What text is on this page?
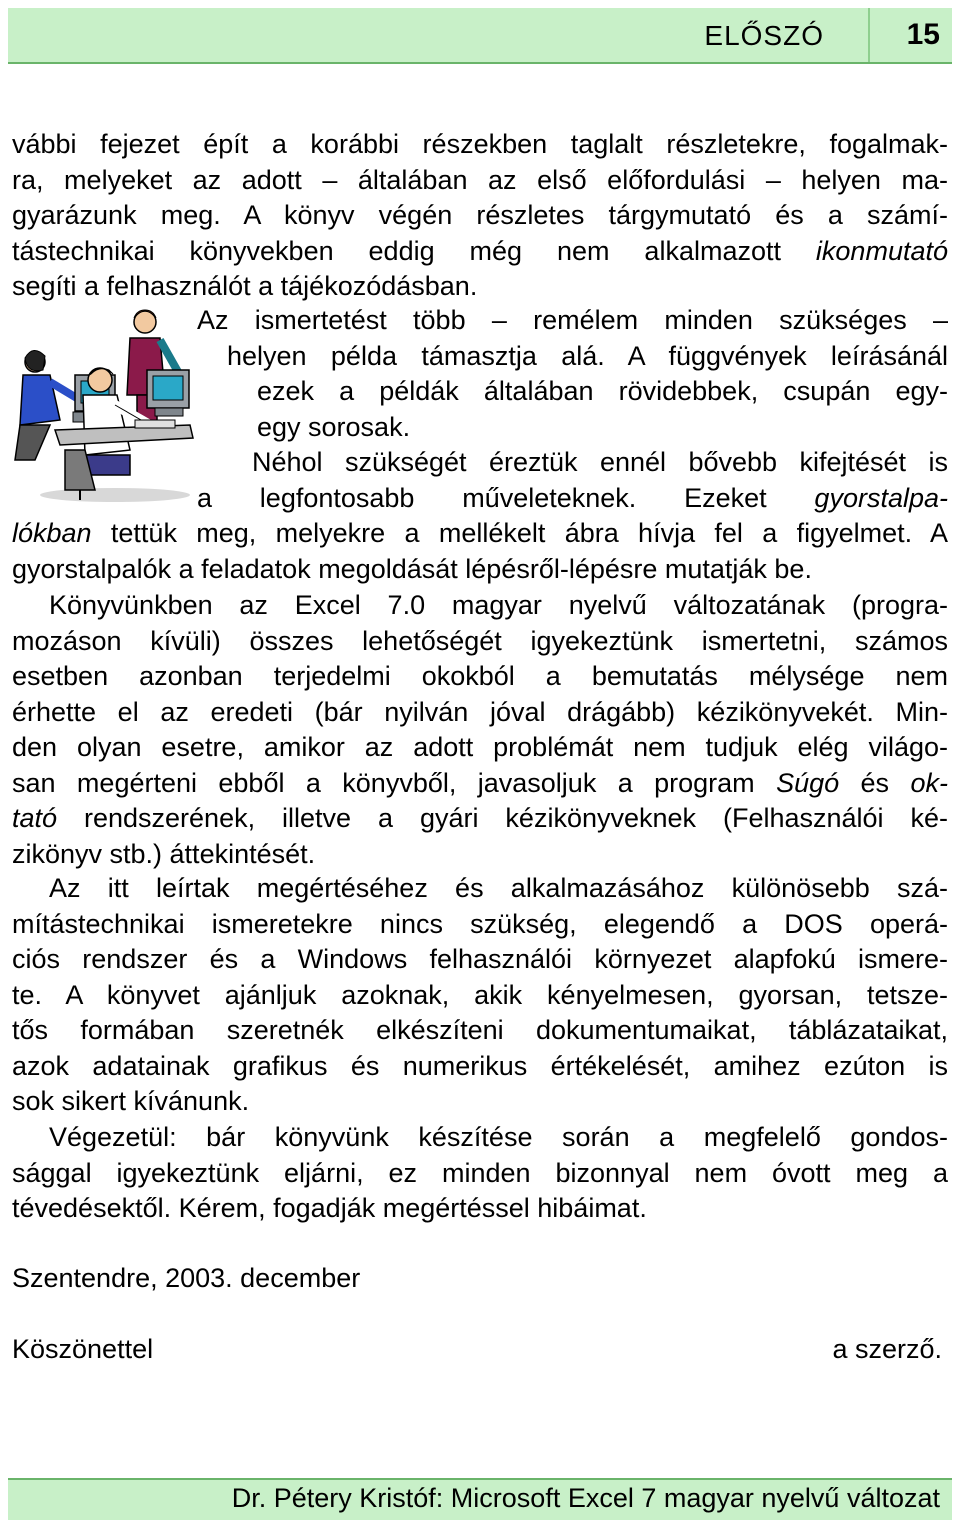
ELŐSZÓ	15
vábbi fejezet épít a korábbi részekben taglalt részletekre, fogalmak-
ra, melyeket az adott – általában az első előfordulási – helyen ma-
gyarázunk meg. A könyv végén részletes tárgymutató és a számí-
tástechnikai könyvekben eddig még nem alkalmazott ikonmutató
segíti a felhasználót a tájékozódásban.
Az ismertetést több – remélem minden szükséges –
helyen példa támasztja alá. A függvények leírásánál
ezek a példák általában rövidebbek, csupán egy-
egy sorosak.
Néhol szükségét éreztük ennél bővebb kifejtését is
a legfontosabb műveleteknek. Ezeket gyorstalpa-
lókban tettük meg, melyekre a mellékelt ábra hívja fel a figyelmet. A
gyorstalpalók a feladatok megoldását lépésről-lépésre mutatják be.
Könyvünkben az Excel 7.0 magyar nyelvű változatának (progra-
mozáson kívüli) összes lehetőségét igyekeztünk ismertetni, számos
esetben azonban terjedelmi okokból a bemutatás mélysége nem
érhette el az eredeti (bár nyilván jóval drágább) kézikönyvekét. Min-
den olyan esetre, amikor az adott problémát nem tudjuk elég világo-
san megérteni ebből a könyvből, javasoljuk a program Súgó és ok-
tató rendszerének, illetve a gyári kézikönyveknek (Felhasználói ké-
zikönyv stb.) áttekintését.
Az itt leírtak megértéséhez és alkalmazásához különösebb szá-
mítástechnikai ismeretekre nincs szükség, elegendő a DOS operá-
ciós rendszer és a Windows felhasználói környezet alapfokú ismere-
te. A könyvet ajánljuk azoknak, akik kényelmesen, gyorsan, tetsze-
tős formában szeretnék elkészíteni dokumentumaikat, táblázataikat,
azok adatainak grafikus és numerikus értékelését, amihez ezúton is
sok sikert kívánunk.
Végezetül: bár könyvünk készítése során a megfelelő gondos-
sággal igyekeztünk eljárni, ez minden bizonnyal nem óvott meg a
tévedésektől. Kérem, fogadják megértéssel hibáimat.
Szentendre, 2003. december
Köszönettel	a szerző.
Dr. Pétery Kristóf: Microsoft Excel 7 magyar nyelvű változat
